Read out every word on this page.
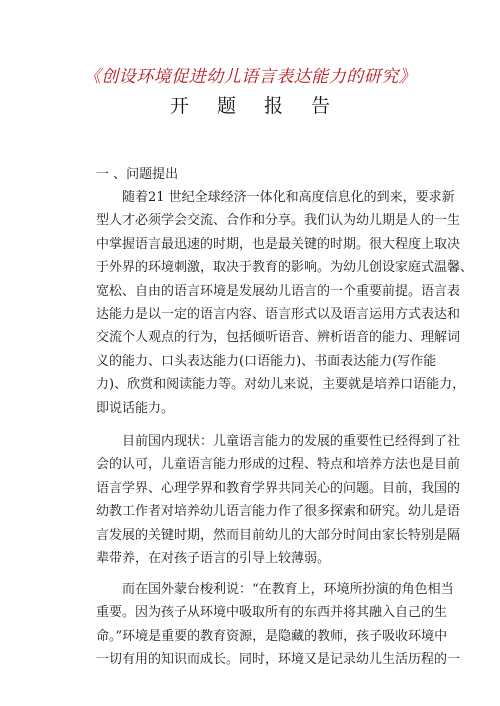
《创设环境促进幼儿语言表达能力的研究》
开 题 报 告
一 、问题提出
　　随着21 世纪全球经济一体化和高度信息化的到来，要求新
型人才必须学会交流、合作和分享。我们认为幼儿期是人的一生
中掌握语言最迅速的时期，也是最关键的时期。很大程度上取决
于外界的环境刺激，取决于教育的影响。为幼儿创设家庭式温馨、
宽松、自由的语言环境是发展幼儿语言的一个重要前提。语言表
达能力是以一定的语言内容、语言形式以及语言运用方式表达和
交流个人观点的行为，包括倾听语音、辨析语音的能力、理解词
义的能力、口头表达能力(口语能力)、书面表达能力(写作能
力)、欣赏和阅读能力等。对幼儿来说，主要就是培养口语能力，
即说话能力。
　　目前国内现状：儿童语言能力的发展的重要性已经得到了社
会的认可，儿童语言能力形成的过程、特点和培养方法也是目前
语言学界、心理学界和教育学界共同关心的问题。目前，我国的
幼教工作者对培养幼儿语言能力作了很多探索和研究。幼儿是语
言发展的关键时期，然而目前幼儿的大部分时间由家长特别是隔
辈带养，在对孩子语言的引导上较薄弱。
　　而在国外蒙台梭利说：“在教育上，环境所扮演的角色相当
重要。因为孩子从环境中吸取所有的东西并将其融入自己的生
命。”环境是重要的教育资源，是隐藏的教师，孩子吸收环境中
一切有用的知识而成长。同时，环境又是记录幼儿生活历程的一
